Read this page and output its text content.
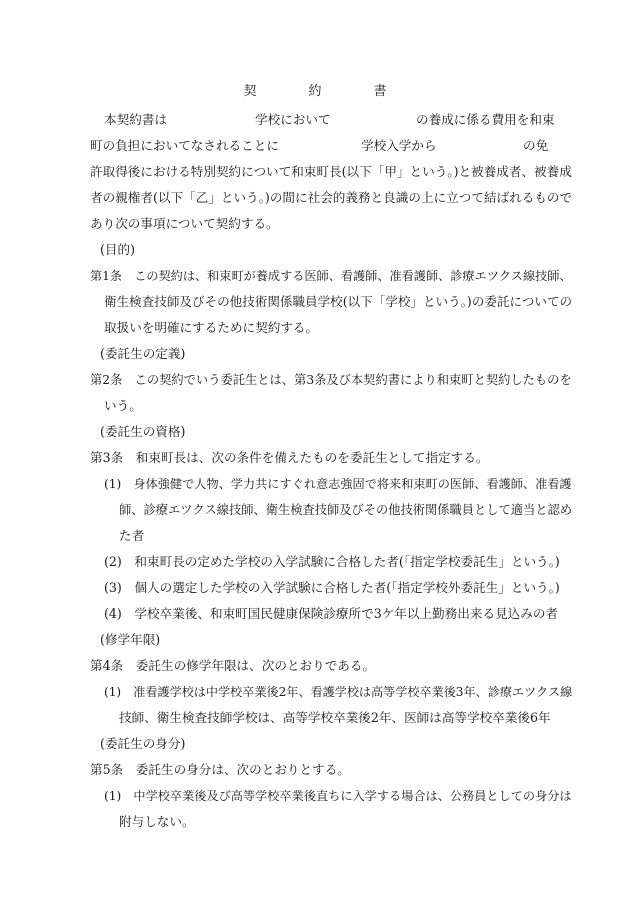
契	約	書
本契約書は	学校において	の養成に係る費用を和束
町の負担においてなされることに	学校入学から	の免
許取得後における特別契約について和束町長(以下「甲」という。)と被養成者、被養成
者の親権者(以下「乙」という。)の間に社会的義務と良識の上に立つて結ばれるもので
あり次の事項について契約する。
(目的)
第1条　この契約は、和束町が養成する医師、看護師、准看護師、診療エツクス線技師、
衛生検査技師及びその他技術関係職員学校(以下「学校」という。)の委託についての
取扱いを明確にするために契約する。
(委託生の定義)
第2条　この契約でいう委託生とは、第3条及び本契約書により和束町と契約したものを
いう。
(委託生の資格)
第3条　和束町長は、次の条件を備えたものを委託生として指定する。
(1)　身体強健で人物、学力共にすぐれ意志強固で将来和束町の医師、看護師、准看護
師、診療エツクス線技師、衛生検査技師及びその他技術関係職員として適当と認め
た者
(2)　和束町長の定めた学校の入学試験に合格した者(「指定学校委託生」という。)
(3)　個人の選定した学校の入学試験に合格した者(「指定学校外委託生」という。)
(4)　学校卒業後、和束町国民健康保険診療所で3ケ年以上勤務出来る見込みの者
(修学年限)
第4条　委託生の修学年限は、次のとおりである。
(1)　准看護学校は中学校卒業後2年、看護学校は高等学校卒業後3年、診療エツクス線
技師、衛生検査技師学校は、高等学校卒業後2年、医師は高等学校卒業後6年
(委託生の身分)
第5条　委託生の身分は、次のとおりとする。
(1)　中学校卒業後及び高等学校卒業後直ちに入学する場合は、公務員としての身分は
附与しない。
